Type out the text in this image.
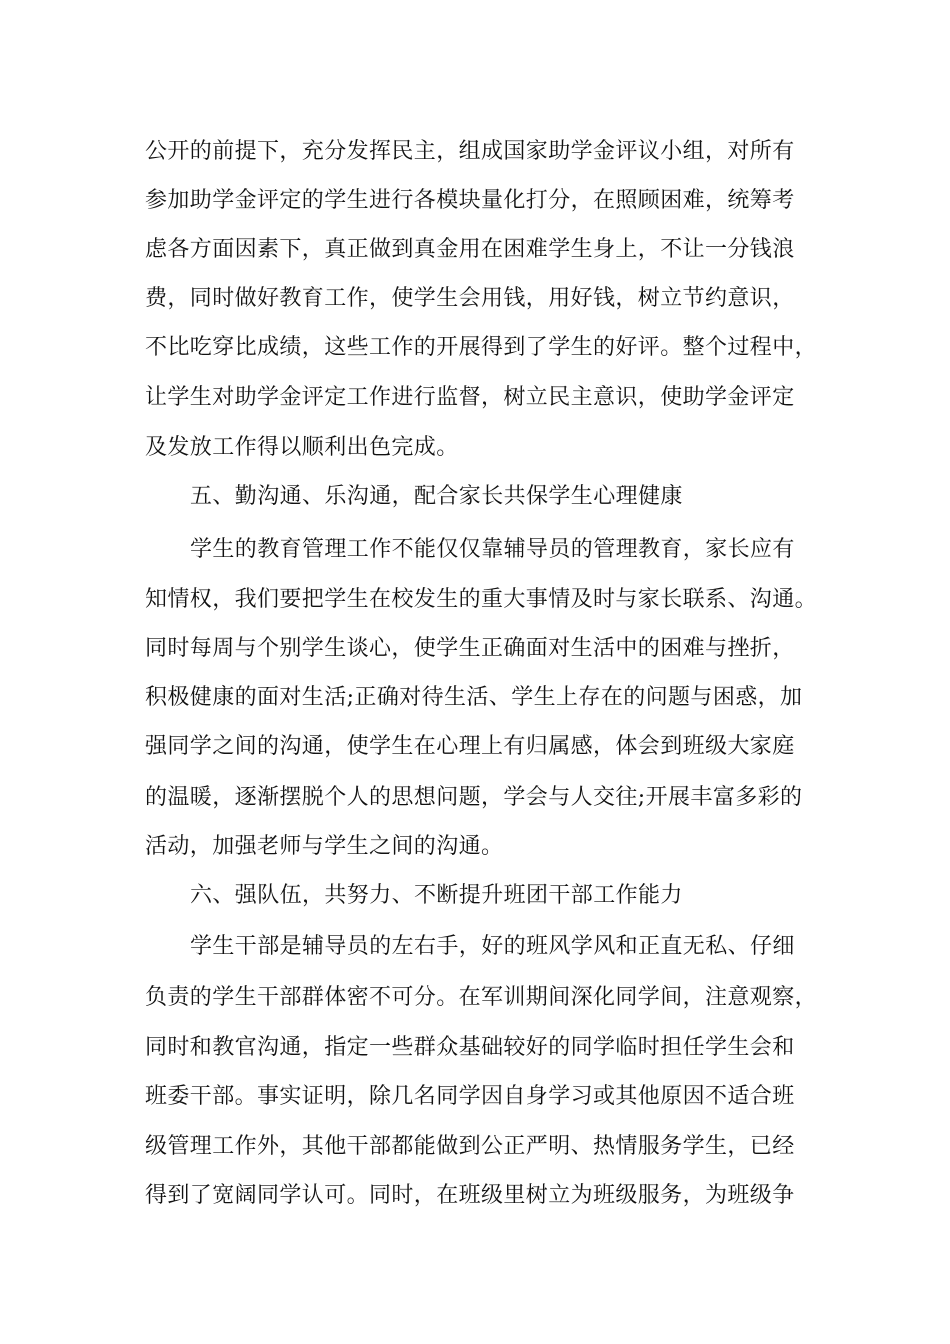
公开的前提下，充分发挥民主，组成国家助学金评议小组，对所有
参加助学金评定的学生进行各模块量化打分，在照顾困难，统筹考
虑各方面因素下，真正做到真金用在困难学生身上，不让一分钱浪
费，同时做好教育工作，使学生会用钱，用好钱，树立节约意识，
不比吃穿比成绩，这些工作的开展得到了学生的好评。整个过程中，
让学生对助学金评定工作进行监督，树立民主意识，使助学金评定
及发放工作得以顺利出色完成。
五、勤沟通、乐沟通，配合家长共保学生心理健康
学生的教育管理工作不能仅仅靠辅导员的管理教育，家长应有
知情权，我们要把学生在校发生的重大事情及时与家长联系、沟通。
同时每周与个别学生谈心，使学生正确面对生活中的困难与挫折，
积极健康的面对生活;正确对待生活、学生上存在的问题与困惑，加
强同学之间的沟通，使学生在心理上有归属感，体会到班级大家庭
的温暖，逐渐摆脱个人的思想问题，学会与人交往;开展丰富多彩的
活动，加强老师与学生之间的沟通。
六、强队伍，共努力、不断提升班团干部工作能力
学生干部是辅导员的左右手，好的班风学风和正直无私、仔细
负责的学生干部群体密不可分。在军训期间深化同学间，注意观察，
同时和教官沟通，指定一些群众基础较好的同学临时担任学生会和
班委干部。事实证明，除几名同学因自身学习或其他原因不适合班
级管理工作外，其他干部都能做到公正严明、热情服务学生，已经
得到了宽阔同学认可。同时，在班级里树立为班级服务，为班级争
